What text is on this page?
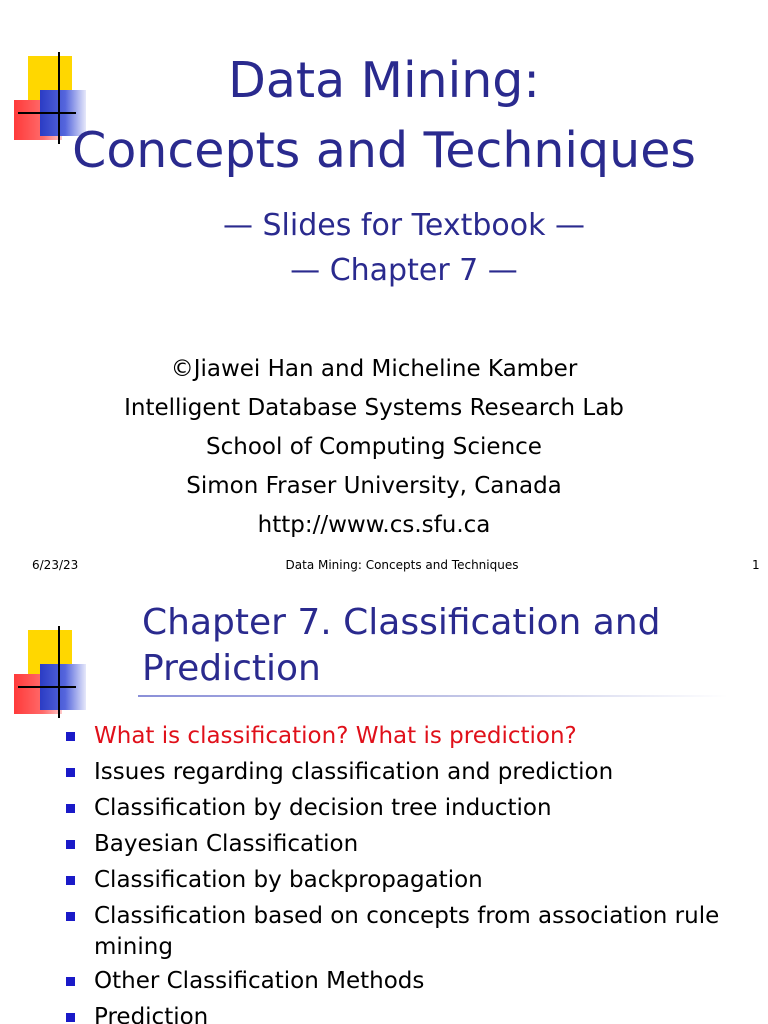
Data Mining:
Concepts and Techniques
— Slides for Textbook —
— Chapter 7 —
©Jiawei Han and Micheline Kamber
Intelligent Database Systems Research Lab
School of Computing Science
Simon Fraser University, Canada
http://www.cs.sfu.ca
6/23/23	Data Mining: Concepts and Techniques	1
Chapter 7. Classification and Prediction
What is classification? What is prediction?
Issues regarding classification and prediction
Classification by decision tree induction
Bayesian Classification
Classification by backpropagation
Classification based on concepts from association rule mining
Other Classification Methods
Prediction
